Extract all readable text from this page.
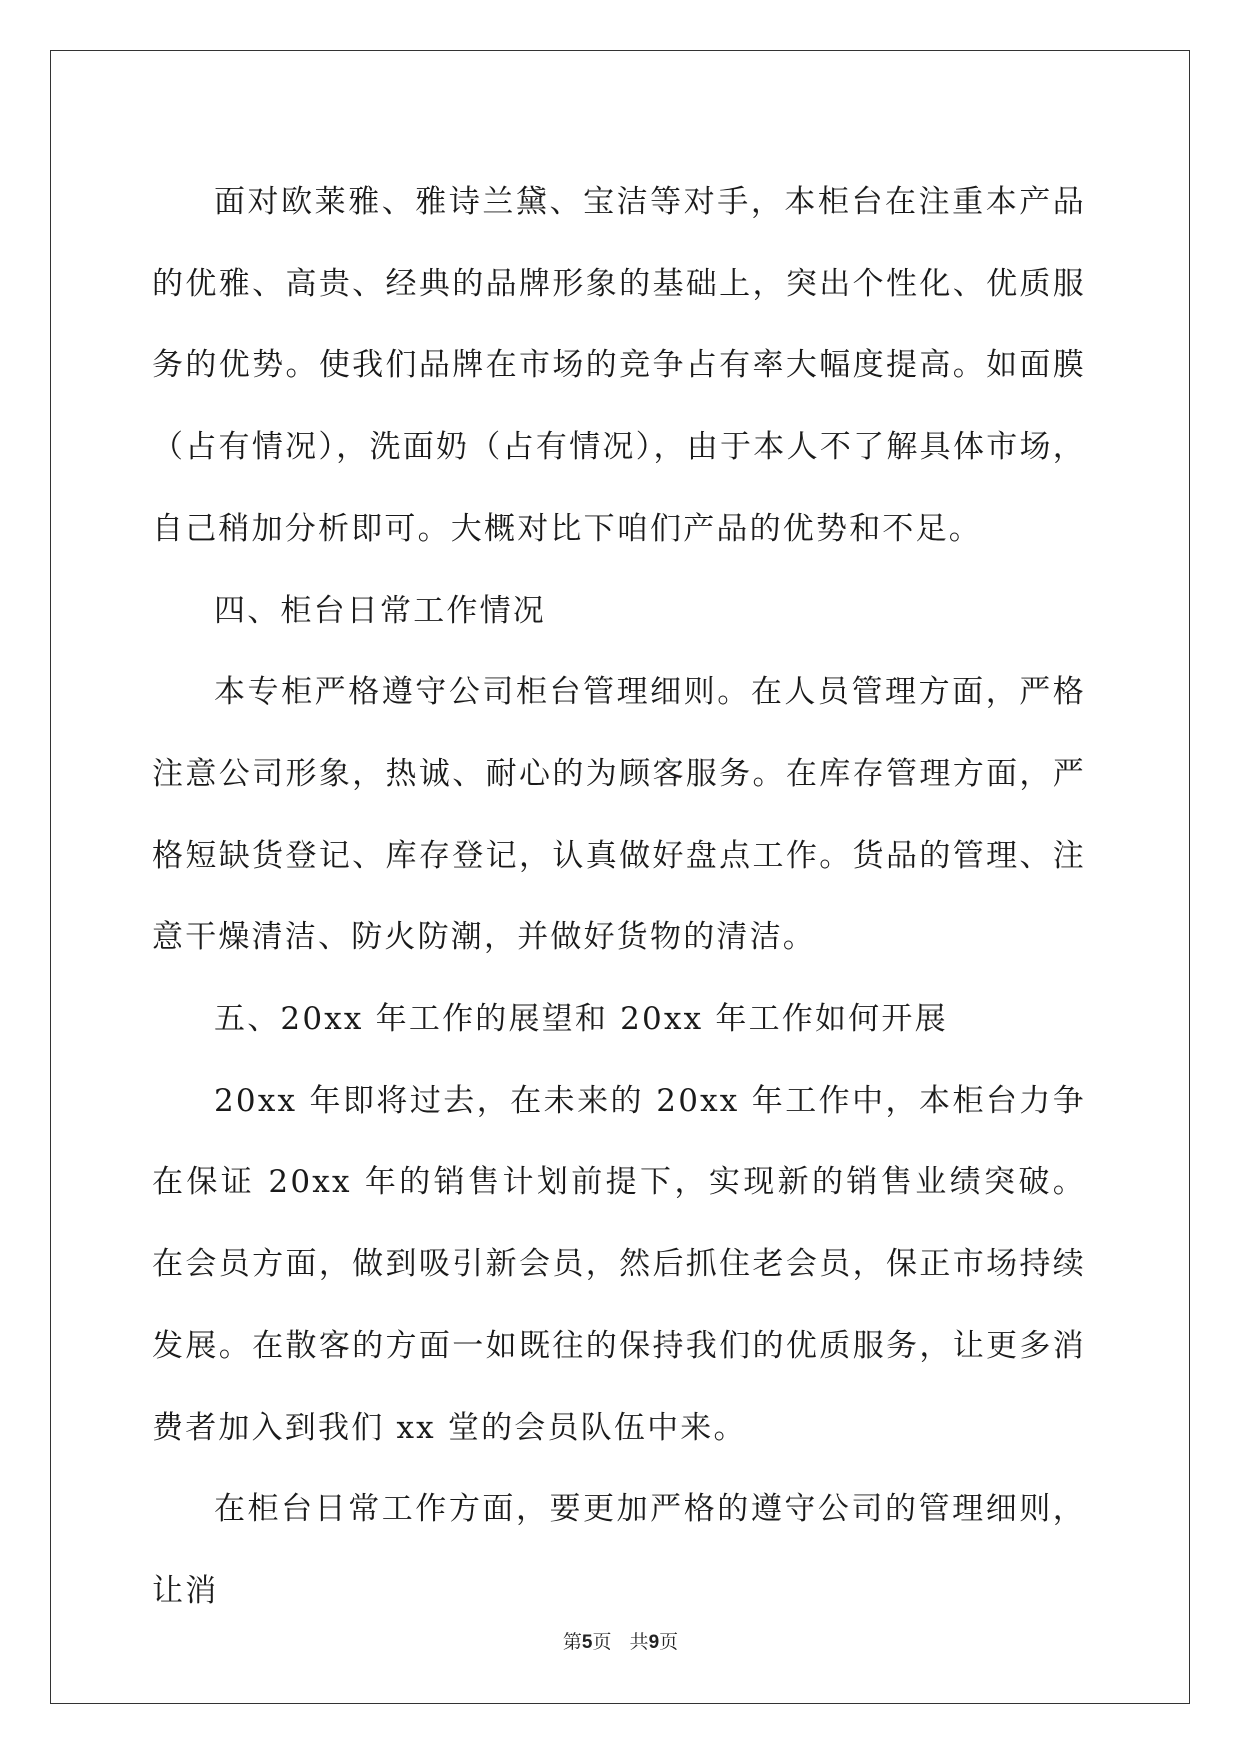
面对欧莱雅、雅诗兰黛、宝洁等对手，本柜台在注重本产品的优雅、高贵、经典的品牌形象的基础上，突出个性化、优质服务的优势。使我们品牌在市场的竞争占有率大幅度提高。如面膜（占有情况），洗面奶（占有情况），由于本人不了解具体市场，自己稍加分析即可。大概对比下咱们产品的优势和不足。

四、柜台日常工作情况

本专柜严格遵守公司柜台管理细则。在人员管理方面，严格注意公司形象，热诚、耐心的为顾客服务。在库存管理方面，严格短缺货登记、库存登记，认真做好盘点工作。货品的管理、注意干燥清洁、防火防潮，并做好货物的清洁。

五、20xx 年工作的展望和 20xx 年工作如何开展

20xx 年即将过去，在未来的 20xx 年工作中，本柜台力争在保证 20xx 年的销售计划前提下，实现新的销售业绩突破。在会员方面，做到吸引新会员，然后抓住老会员，保正市场持续发展。在散客的方面一如既往的保持我们的优质服务，让更多消费者加入到我们 xx 堂的会员队伍中来。

在柜台日常工作方面，要更加严格的遵守公司的管理细则，让消

第5页   共9页
